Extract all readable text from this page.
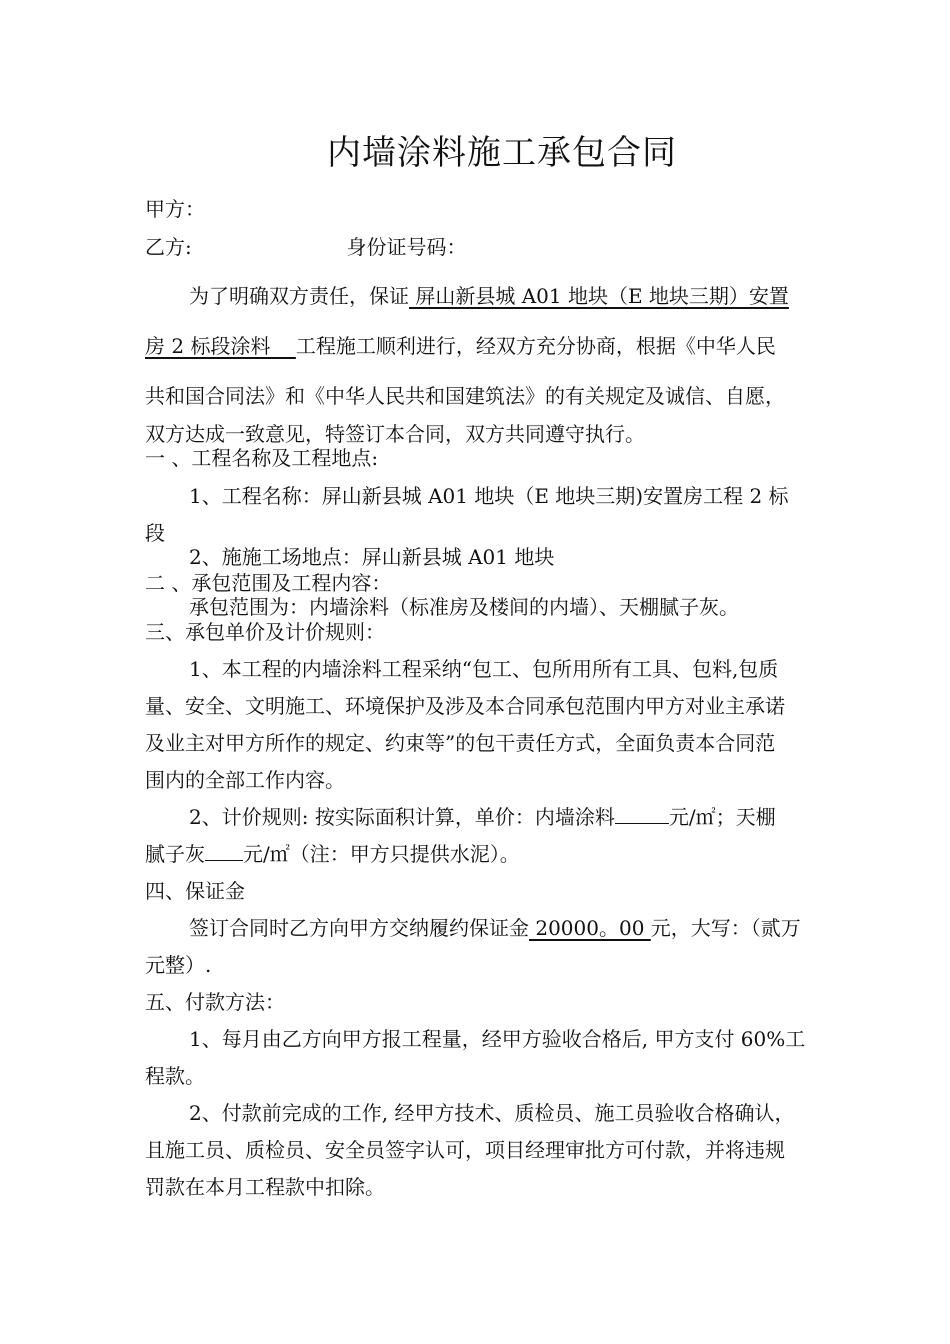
内墙涂料施工承包合同
甲方：
乙方:	身份证号码：
为了明确双方责任，保证 屏山新县城 A01 地块（E 地块三期）安置
房 2 标段涂料    工程施工顺利进行，经双方充分协商，根据《中华人民
共和国合同法》和《中华人民共和国建筑法》的有关规定及诚信、自愿，
双方达成一致意见，特签订本合同，双方共同遵守执行。
一 、工程名称及工程地点:
1、工程名称：屏山新县城 A01 地块（E 地块三期)安置房工程 2 标
段
2、施施工场地点：屏山新县城 A01 地块
二 、承包范围及工程内容：
承包范围为：内墙涂料（标准房及楼间的内墙）、天棚腻子灰。
三、承包单价及计价规则：
1、本工程的内墙涂料工程采纳“包工、包所用所有工具、包料,包质
量、安全、文明施工、环境保护及涉及本合同承包范围内甲方对业主承诺
及业主对甲方所作的规定、约束等”的包干责任方式，全面负责本合同范
围内的全部工作内容。
2、计价规则: 按实际面积计算，单价：内墙涂料	元/㎡；天棚
腻子灰 元/㎡（注：甲方只提供水泥）。
四、保证金
签订合同时乙方向甲方交纳履约保证金 20000。00 元，大写：（贰万
元整）.
五、付款方法：
1、每月由乙方向甲方报工程量，经甲方验收合格后, 甲方支付 60%工
程款。
2、付款前完成的工作, 经甲方技术、质检员、施工员验收合格确认，
且施工员、质检员、安全员签字认可，项目经理审批方可付款，并将违规
罚款在本月工程款中扣除。
